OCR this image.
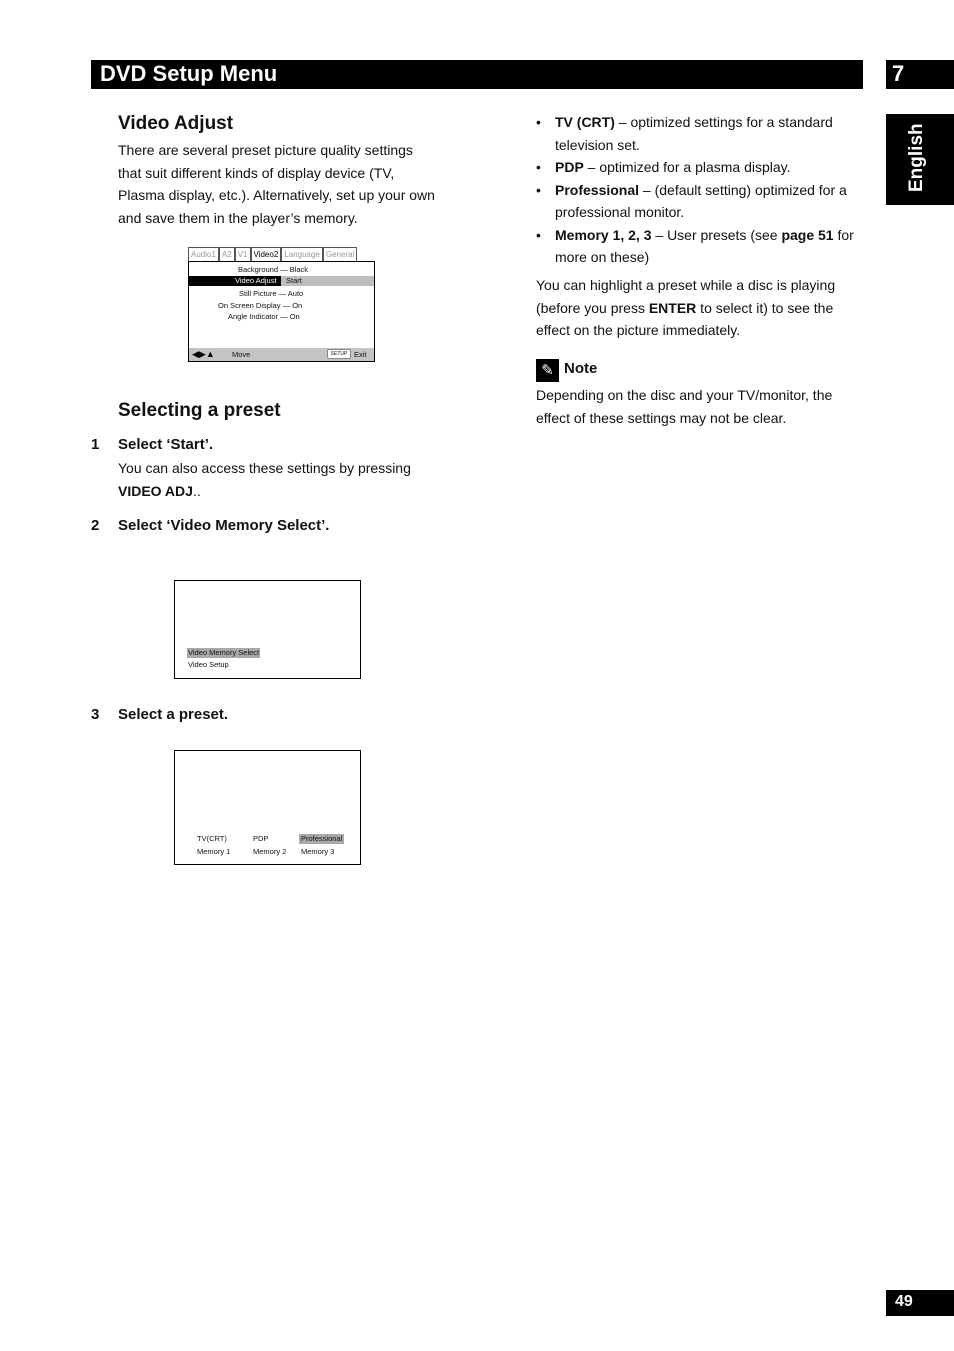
DVD Setup Menu	7
English
Video Adjust
There are several preset picture quality settings
that suit different kinds of display device (TV,
Plasma display, etc.). Alternatively, set up your own
and save them in the player’s memory.
Audio1 A2 V1 Video2 Language General
Background — Black
Video Adjust Start
Still Picture — Auto
On Screen Display — On
Angle Indicator — On
◀▶▲ Move	SETUP Exit
Selecting a preset
1 Select ‘Start’.
You can also access these settings by pressing
VIDEO ADJ..
2 Select ‘Video Memory Select’.
Video Memory Select
Video Setup
3 Select a preset.
TV(CRT)	PDP	Professional
Memory 1	Memory 2 Memory 3
• TV (CRT) – optimized settings for a standard television set.
• PDP – optimized for a plasma display.
• Professional – (default setting) optimized for a professional monitor.
• Memory 1, 2, 3 – User presets (see page 51 for more on these)
You can highlight a preset while a disc is playing (before you press ENTER to select it) to see the effect on the picture immediately.
✎ Note
Depending on the disc and your TV/monitor, the effect of these settings may not be clear.
49
